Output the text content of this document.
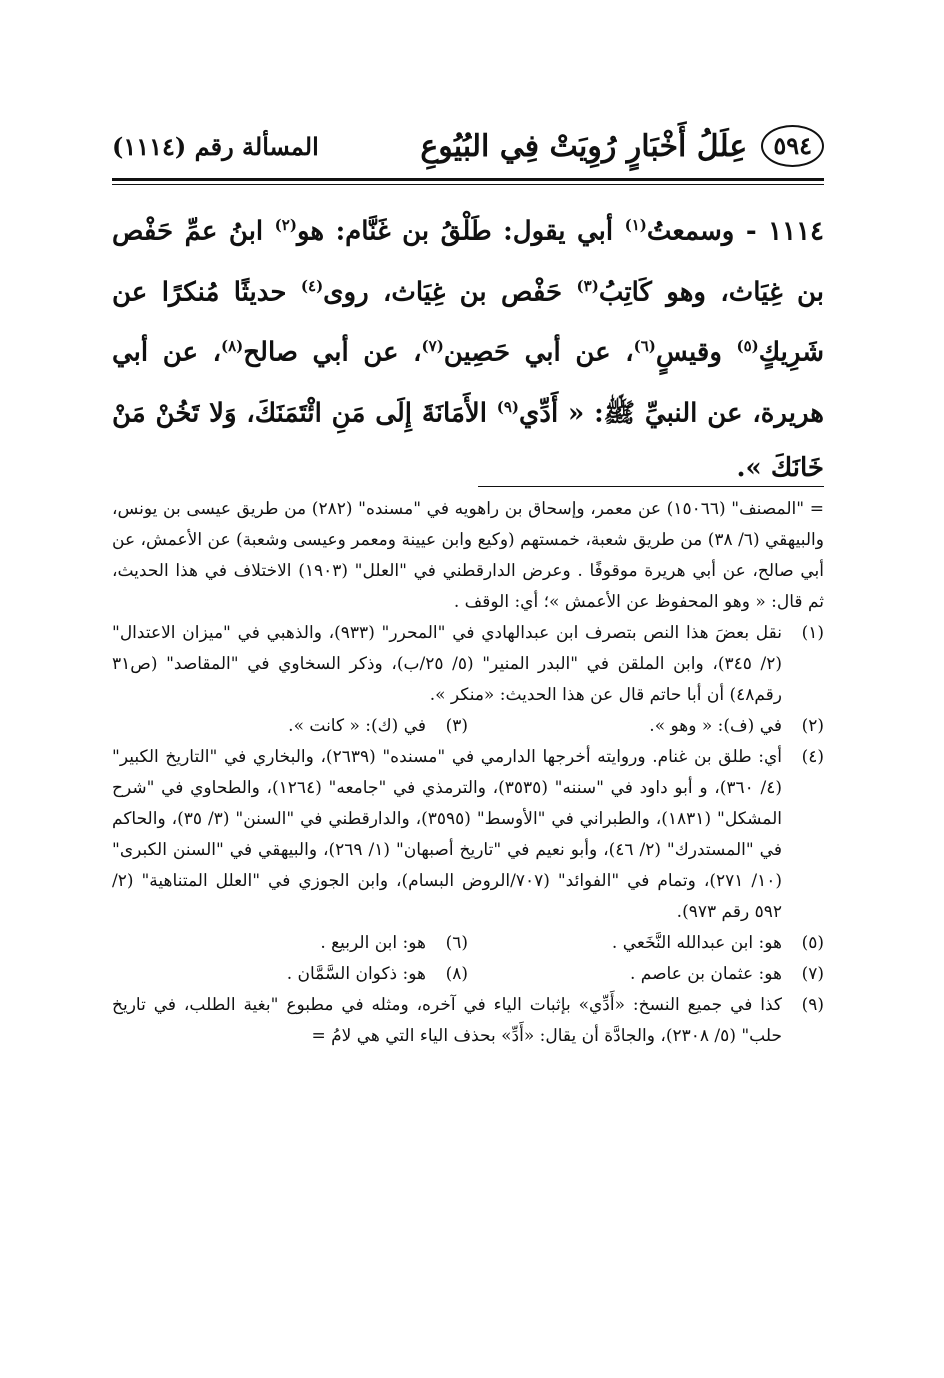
٥٩٤
عِلَلُ أَخْبَارٍ رُوِيَتْ فِي البُيُوعِ
المسألة رقم (١١١٤)
١١١٤ - وسمعتُ$^{(١)}$ أبي يقول: طَلْقُ بن غَنَّام: هو$^{(٢)}$ ابنُ عمِّ حَفْص بن غِيَاث، وهو كَاتِبُ$^{(٣)}$ حَفْص بن غِيَاث، روى$^{(٤)}$ حديثًا مُنكرًا عن شَرِيكٍ$^{(٥)}$ وقيسٍ$^{(٦)}$، عن أبي حَصِين$^{(٧)}$، عن أبي صالح$^{(٨)}$، عن أبي هريرة، عن النبيِّ ﷺ: « أَدِّي$^{(٩)}$ الأَمَانَةَ إِلَى مَنِ ائْتَمَنَكَ، وَلا تَخُنْ مَنْ خَانَكَ ».

= "المصنف" (١٥٠٦٦) عن معمر، وإسحاق بن راهويه في "مسنده" (٢٨٢) من طريق عيسى بن يونس، والبيهقي (٦/ ٣٨) من طريق شعبة، خمستهم (وكيع وابن عيينة ومعمر وعيسى وشعبة) عن الأعمش، عن أبي صالح، عن أبي هريرة موقوفًا . وعرض الدارقطني في "العلل" (١٩٠٣) الاختلاف في هذا الحديث، ثم قال: « وهو المحفوظ عن الأعمش »؛ أي: الوقف .

(١)
نقل بعضَ هذا النص بتصرف ابن عبدالهادي في "المحرر" (٩٣٣)، والذهبي في "ميزان الاعتدال" (٢/ ٣٤٥)، وابن الملقن في "البدر المنير" (٥/ ٢٥/ب)، وذكر السخاوي في "المقاصد" (ص٣١ رقم٤٨) أن أبا حاتم قال عن هذا الحديث: «منكر ».
(٢)
في (ف): « وهو ».
(٣)
في (ك): « كانت ».
(٤)
أي: طلق بن غنام. وروايته أخرجها الدارمي في "مسنده" (٢٦٣٩)، والبخاري في "التاريخ الكبير" (٤/ ٣٦٠)، و أبو داود في "سننه" (٣٥٣٥)، والترمذي في "جامعه" (١٢٦٤)، والطحاوي في "شرح المشكل" (١٨٣١)، والطبراني في "الأوسط" (٣٥٩٥)، والدارقطني في "السنن" (٣/ ٣٥)، والحاكم في "المستدرك" (٢/ ٤٦)، وأبو نعيم في "تاريخ أصبهان" (١/ ٢٦٩)، والبيهقي في "السنن الكبرى" (١٠/ ٢٧١)، وتمام في "الفوائد" (٧٠٧/الروض البسام)، وابن الجوزي في "العلل المتناهية" (٢/ ٥٩٢ رقم ٩٧٣).
(٥)
هو: ابن عبدالله النَّخَعي .
(٦)
هو: ابن الربيع .
(٧)
هو: عثمان بن عاصم .
(٨)
هو: ذكوان السَّمَّان .
(٩)
كذا في جميع النسخ: «أَدِّي» بإثبات الياء في آخره، ومثله في مطبوع "بغية الطلب، في تاريخ حلب" (٥/ ٢٣٠٨)، والجادَّة أن يقال: «أَدِّ» بحذف الياء التي هي لامُ =
